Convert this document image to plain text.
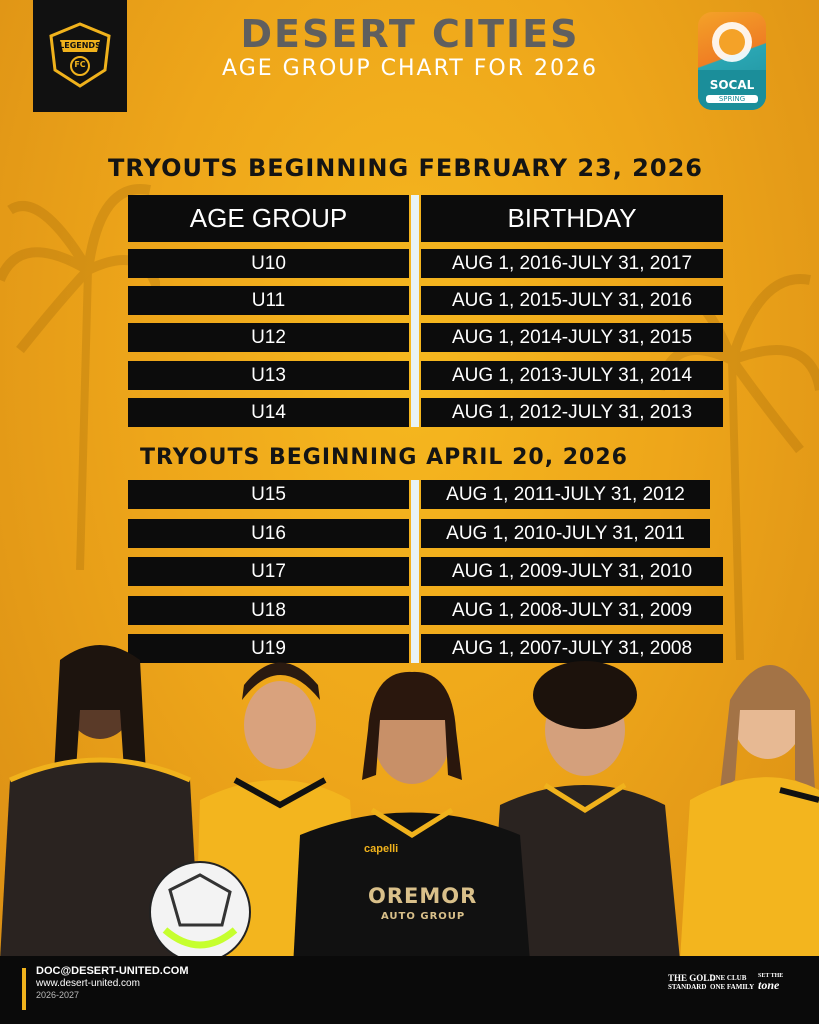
LEGENDS
FC
DESERT CITIES
AGE GROUP CHART FOR 2026
SOCAL
SPRING
TRYOUTS BEGINNING FEBRUARY 23, 2026
AGE GROUP	BIRTHDAY
U10	AUG 1, 2016-JULY 31, 2017
U11	AUG 1, 2015-JULY 31, 2016
U12	AUG 1, 2014-JULY 31, 2015
U13	AUG 1, 2013-JULY 31, 2014
U14	AUG 1, 2012-JULY 31, 2013
TRYOUTS BEGINNING APRIL 20, 2026
U15	AUG 1, 2011-JULY 31, 2012
U16	AUG 1, 2010-JULY 31, 2011
U17	AUG 1, 2009-JULY 31, 2010
U18	AUG 1, 2008-JULY 31, 2009
U19	AUG 1, 2007-JULY 31, 2008
capelli
OREMOR
AUTO GROUP
DOC@DESERT-UNITED.COM
www.desert-united.com
2026-2027
THE GOLD
STANDARD
ONE CLUB
ONE FAMILY
SET THE
tone
